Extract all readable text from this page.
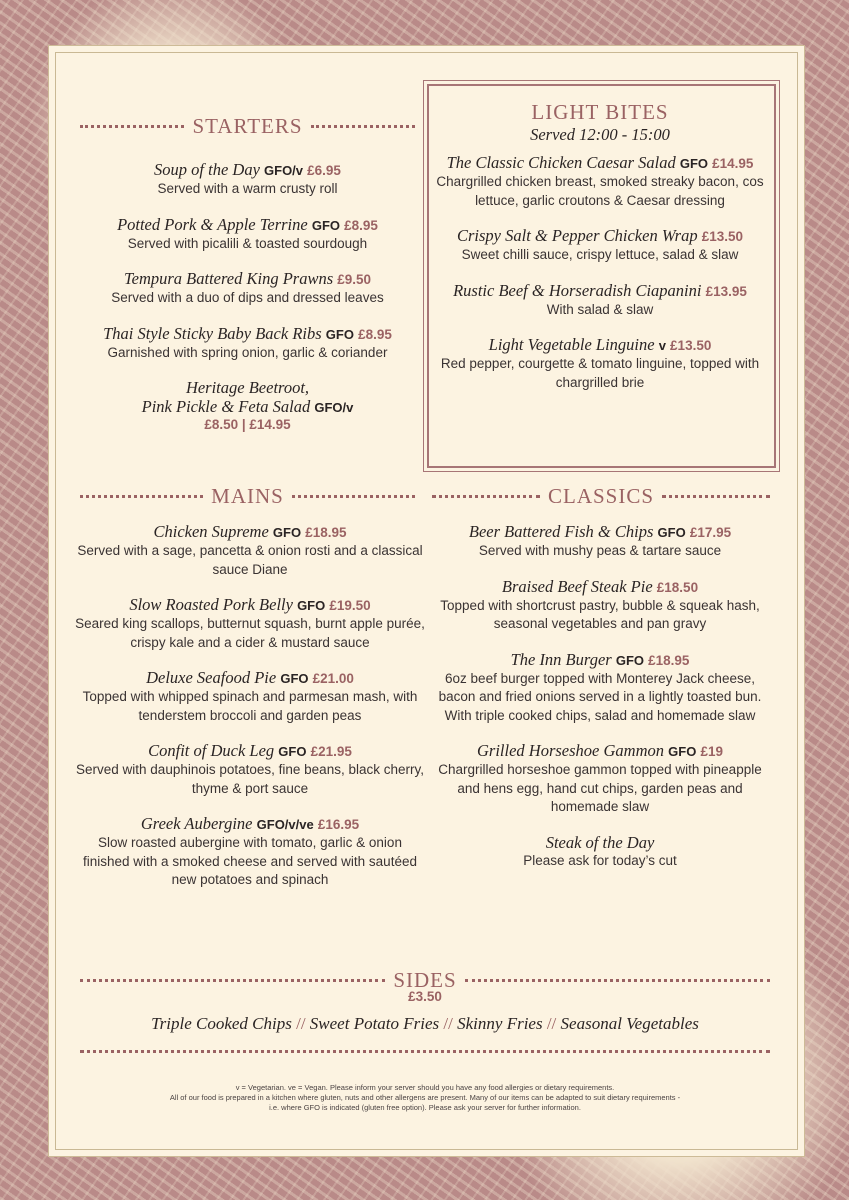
STARTERS
Soup of the Day GFO/v £6.95
Served with a warm crusty roll
Potted Pork & Apple Terrine GFO £8.95
Served with picalili & toasted sourdough
Tempura Battered King Prawns £9.50
Served with a duo of dips and dressed leaves
Thai Style Sticky Baby Back Ribs GFO £8.95
Garnished with spring onion, garlic & coriander
Heritage Beetroot,
Pink Pickle & Feta Salad GFO/v
£8.50 | £14.95
LIGHT BITES
Served 12:00 - 15:00
The Classic Chicken Caesar Salad GFO £14.95
Chargrilled chicken breast, smoked streaky bacon, cos lettuce, garlic croutons & Caesar dressing
Crispy Salt & Pepper Chicken Wrap £13.50
Sweet chilli sauce, crispy lettuce, salad & slaw
Rustic Beef & Horseradish Ciapanini £13.95
With salad & slaw
Light Vegetable Linguine v £13.50
Red pepper, courgette & tomato linguine, topped with chargrilled brie
MAINS
Chicken Supreme GFO £18.95
Served with a sage, pancetta & onion rosti and a classical sauce Diane
Slow Roasted Pork Belly GFO £19.50
Seared king scallops, butternut squash, burnt apple purée, crispy kale and a cider & mustard sauce
Deluxe Seafood Pie GFO £21.00
Topped with whipped spinach and parmesan mash, with tenderstem broccoli and garden peas
Confit of Duck Leg GFO £21.95
Served with dauphinois potatoes, fine beans, black cherry, thyme & port sauce
Greek Aubergine GFO/v/ve £16.95
Slow roasted aubergine with tomato, garlic & onion finished with a smoked cheese and served with sautéed new potatoes and spinach
CLASSICS
Beer Battered Fish & Chips GFO £17.95
Served with mushy peas & tartare sauce
Braised Beef Steak Pie £18.50
Topped with shortcrust pastry, bubble & squeak hash, seasonal vegetables and pan gravy
The Inn Burger GFO £18.95
6oz beef burger topped with Monterey Jack cheese, bacon and fried onions served in a lightly toasted bun. With triple cooked chips, salad and homemade slaw
Grilled Horseshoe Gammon GFO £19
Chargrilled horseshoe gammon topped with pineapple and hens egg, hand cut chips, garden peas and homemade slaw
Steak of the Day
Please ask for today’s cut
SIDES
£3.50
Triple Cooked Chips // Sweet Potato Fries // Skinny Fries // Seasonal Vegetables
v = Vegetarian. ve = Vegan. Please inform your server should you have any food allergies or dietary requirements.
All of our food is prepared in a kitchen where gluten, nuts and other allergens are present. Many of our items can be adapted to suit dietary requirements -
i.e. where GFO is indicated (gluten free option). Please ask your server for further information.
